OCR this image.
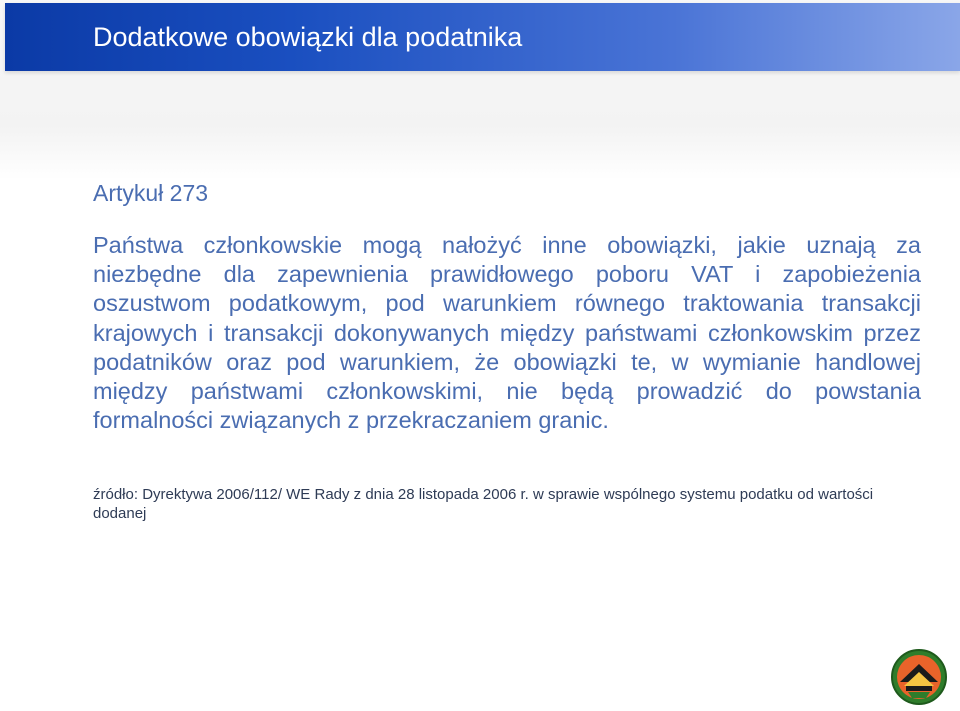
Dodatkowe obowiązki dla podatnika
Artykuł 273

Państwa członkowskie mogą nałożyć inne obowiązki, jakie uznają za niezbędne dla zapewnienia prawidłowego poboru VAT i zapobieżenia oszustwom podatkowym, pod warunkiem równego traktowania transakcji krajowych i transakcji dokonywanych między państwami członkowskim przez podatników oraz pod warunkiem, że obowiązki te, w wymianie handlowej między państwami członkowskimi, nie będą prowadzić do powstania formalności związanych z przekraczaniem granic.

źródło: Dyrektywa 2006/112/ WE Rady z dnia 28 listopada 2006 r. w sprawie wspólnego systemu podatku od wartości dodanej
